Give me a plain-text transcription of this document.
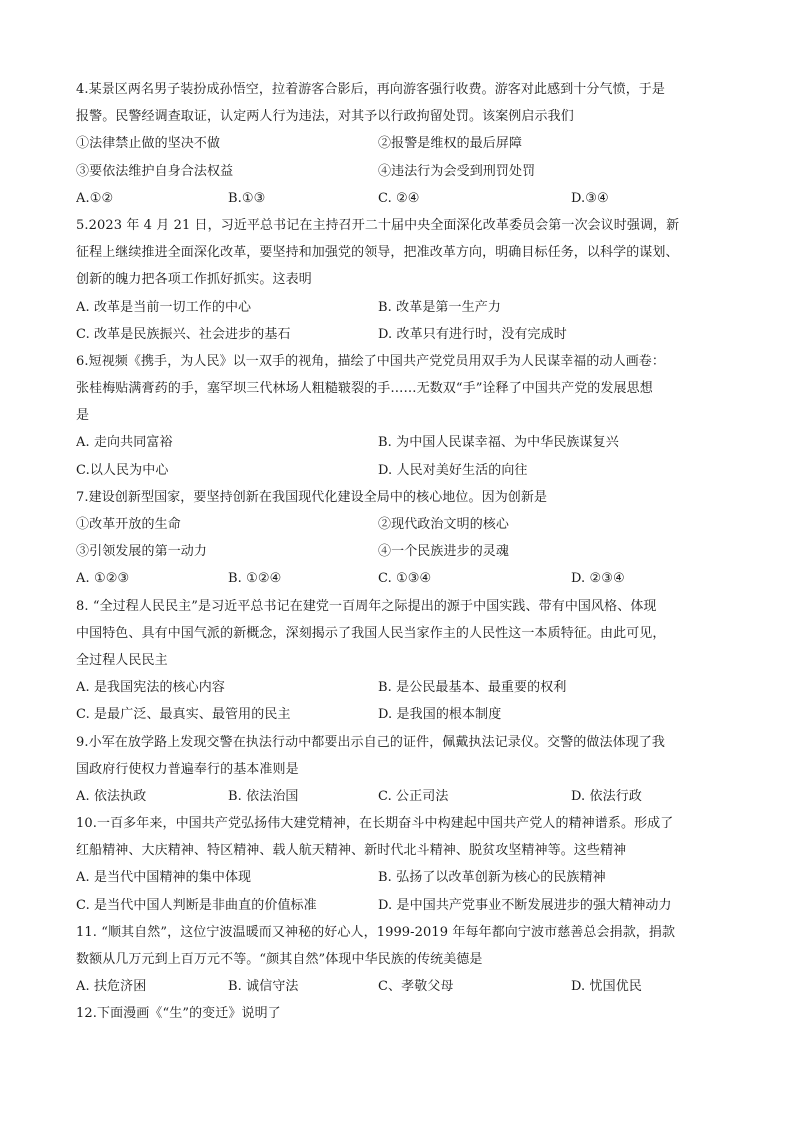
4.某景区两名男子装扮成孙悟空，拉着游客合影后，再向游客强行收费。游客对此感到十分气愤，于是
报警。民警经调查取证，认定两人行为违法，对其予以行政拘留处罚。该案例启示我们
①法律禁止做的坚决不做	②报警是维权的最后屏障
③要依法维护自身合法权益	④违法行为会受到刑罚处罚
A.①②	B.①③	C. ②④	D.③④
5.2023 年 4 月 21 日，习近平总书记在主持召开二十届中央全面深化改革委员会第一次会议时强调，新
征程上继续推进全面深化改革，要坚持和加强党的领导，把准改革方向，明确目标任务，以科学的谋划、
创新的魄力把各项工作抓好抓实。这表明
A. 改革是当前一切工作的中心	B. 改革是第一生产力
C. 改革是民族振兴、社会进步的基石	D. 改革只有进行时，没有完成时
6.短视频《携手，为人民》以一双手的视角，描绘了中国共产党党员用双手为人民谋幸福的动人画卷：
张桂梅贴满膏药的手，塞罕坝三代林场人粗糙皲裂的手……无数双“手”诠释了中国共产党的发展思想
是
A. 走向共同富裕	B. 为中国人民谋幸福、为中华民族谋复兴
C.以人民为中心	D. 人民对美好生活的向往
7.建设创新型国家，要坚持创新在我国现代化建设全局中的核心地位。因为创新是
①改革开放的生命	②现代政治文明的核心
③引领发展的第一动力	④一个民族进步的灵魂
A. ①②③	B. ①②④	C. ①③④	D. ②③④
8. “全过程人民民主”是习近平总书记在建党一百周年之际提出的源于中国实践、带有中国风格、体现
中国特色、具有中国气派的新概念，深刻揭示了我国人民当家作主的人民性这一本质特征。由此可见，
全过程人民民主
A. 是我国宪法的核心内容	B. 是公民最基本、最重要的权利
C. 是最广泛、最真实、最管用的民主	D. 是我国的根本制度
9.小军在放学路上发现交警在执法行动中都要出示自己的证件，佩戴执法记录仪。交警的做法体现了我
国政府行使权力普遍奉行的基本准则是
A. 依法执政	B. 依法治国	C. 公正司法	D. 依法行政
10.一百多年来，中国共产党弘扬伟大建党精神，在长期奋斗中构建起中国共产党人的精神谱系。形成了
红船精神、大庆精神、特区精神、载人航天精神、新时代北斗精神、脱贫攻坚精神等。这些精神
A. 是当代中国精神的集中体现	B. 弘扬了以改革创新为核心的民族精神
C. 是当代中国人判断是非曲直的价值标准	D. 是中国共产党事业不断发展进步的强大精神动力
11. “顺其自然”，这位宁波温暖而又神秘的好心人，1999-2019 年每年都向宁波市慈善总会捐款，捐款
数额从几万元到上百万元不等。“颜其自然”体现中华民族的传统美德是
A. 扶危济困	B. 诚信守法	C、孝敬父母	D. 忧国优民
12.下面漫画《“生”的变迁》说明了
